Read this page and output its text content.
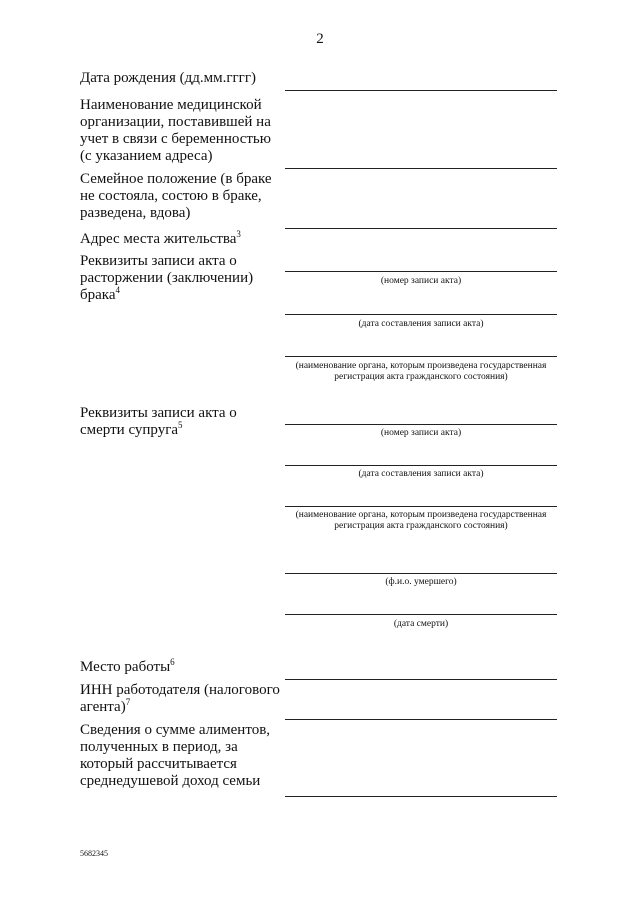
2
Дата рождения (дд.мм.гггг)
Наименование медицинской организации, поставившей на учет в связи с беременностью (с указанием адреса)
Семейное положение (в браке не состояла, состою в браке, разведена, вдова)
Адрес места жительства$^3$
Реквизиты записи акта о расторжении (заключении) брака$^4$
(номер записи акта)
(дата составления записи акта)
(наименование органа, которым произведена государственная регистрация акта гражданского состояния)
Реквизиты записи акта о смерти супруга$^5$
(номер записи акта)
(дата составления записи акта)
(наименование органа, которым произведена государственная регистрация акта гражданского состояния)
(ф.и.о. умершего)
(дата смерти)
Место работы$^6$
ИНН работодателя (налогового агента)$^7$
Сведения о сумме алиментов, полученных в период, за который рассчитывается среднедушевой доход семьи
5682345
